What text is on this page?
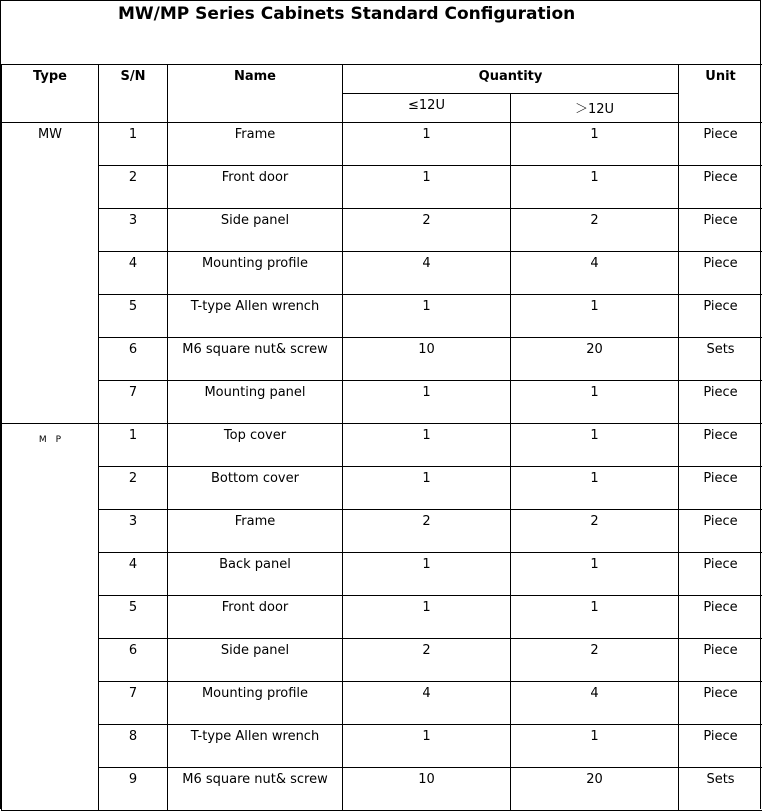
MW/MP Series Cabinets Standard Configuration
Type	S/N	Name	Quantity		Unit
			≤12U	＞12U	
MW	1	Frame	1	1	Piece
	2	Front door	1	1	Piece
	3	Side panel	2	2	Piece
	4	Mounting profile	4	4	Piece
	5	T-type Allen wrench	1	1	Piece
	6	M6 square nut& screw	10	20	Sets
	7	Mounting panel	1	1	Piece
M　P	1	Top cover	1	1	Piece
	2	Bottom cover	1	1	Piece
	3	Frame	2	2	Piece
	4	Back panel	1	1	Piece
	5	Front door	1	1	Piece
	6	Side panel	2	2	Piece
	7	Mounting profile	4	4	Piece
	8	T-type Allen wrench	1	1	Piece
	9	M6 square nut& screw	10	20	Sets
